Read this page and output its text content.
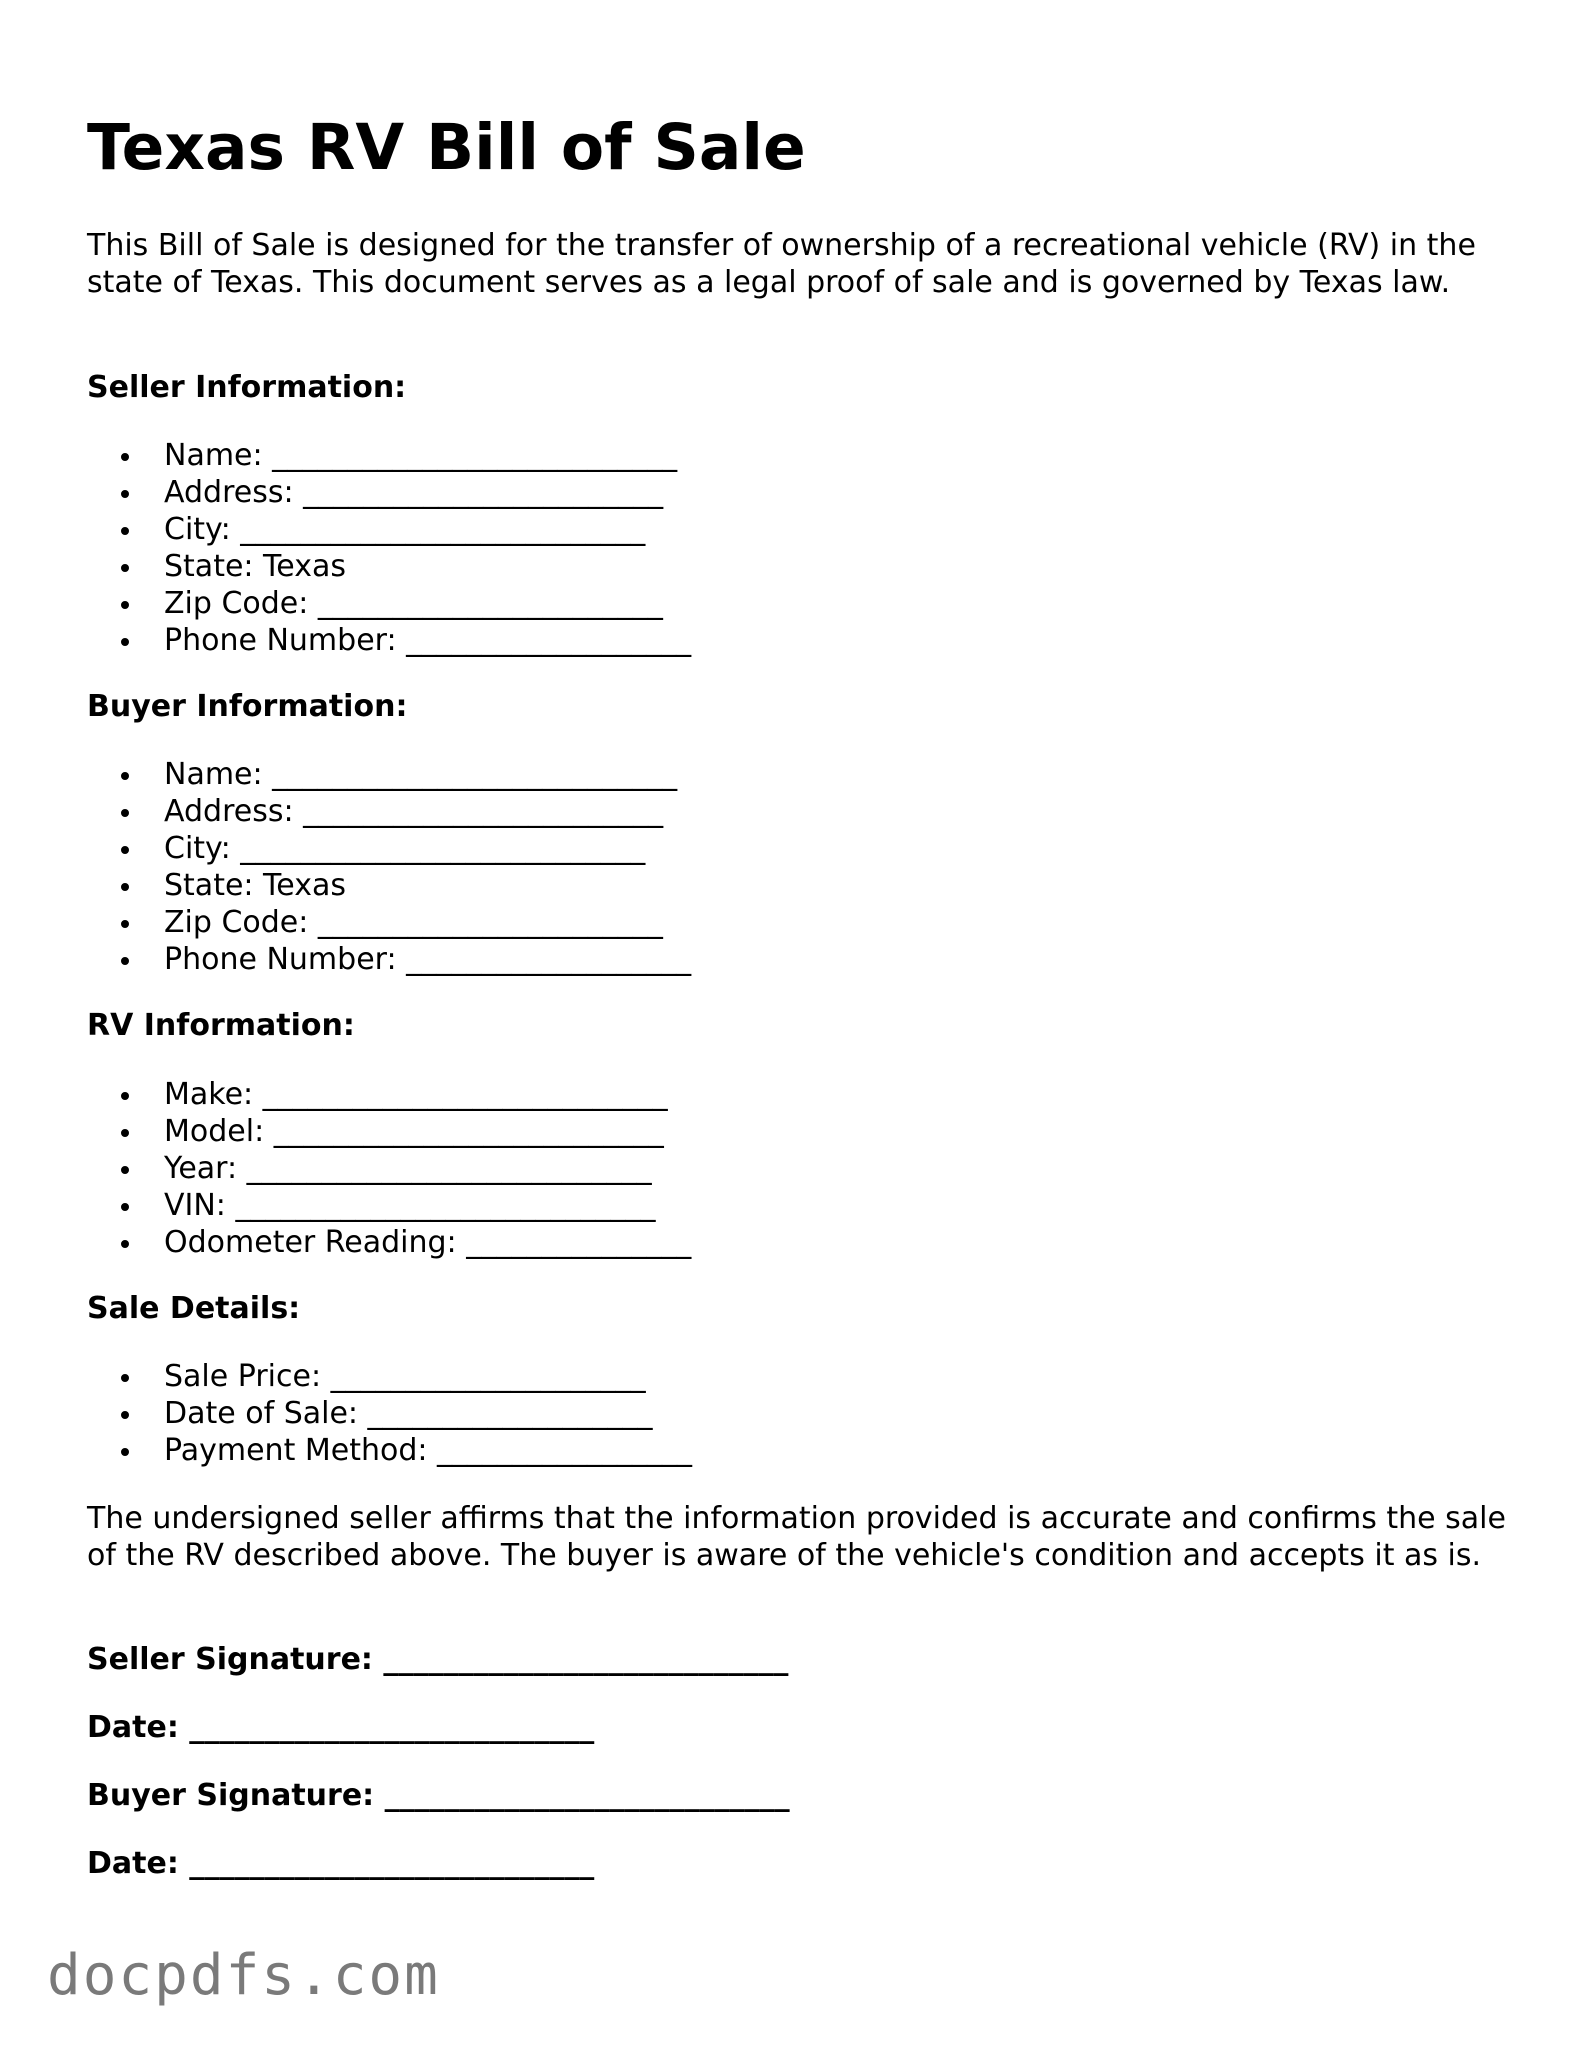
Texas RV Bill of Sale

This Bill of Sale is designed for the transfer of ownership of a recreational vehicle (RV) in the state of Texas. This document serves as a legal proof of sale and is governed by Texas law.

Seller Information:

Name: ___________________________
Address: ________________________
City: ___________________________
State: Texas
Zip Code: _______________________
Phone Number: ___________________

Buyer Information:

Name: ___________________________
Address: ________________________
City: ___________________________
State: Texas
Zip Code: _______________________
Phone Number: ___________________

RV Information:

Make: ___________________________
Model: __________________________
Year: ___________________________
VIN: ____________________________
Odometer Reading: _______________

Sale Details:

Sale Price: _____________________
Date of Sale: ___________________
Payment Method: _________________

The undersigned seller affirms that the information provided is accurate and confirms the sale of the RV described above. The buyer is aware of the vehicle's condition and accepts it as is.

Seller Signature: ___________________________

Date: ___________________________

Buyer Signature: ___________________________

Date: ___________________________

docpdfs.com
